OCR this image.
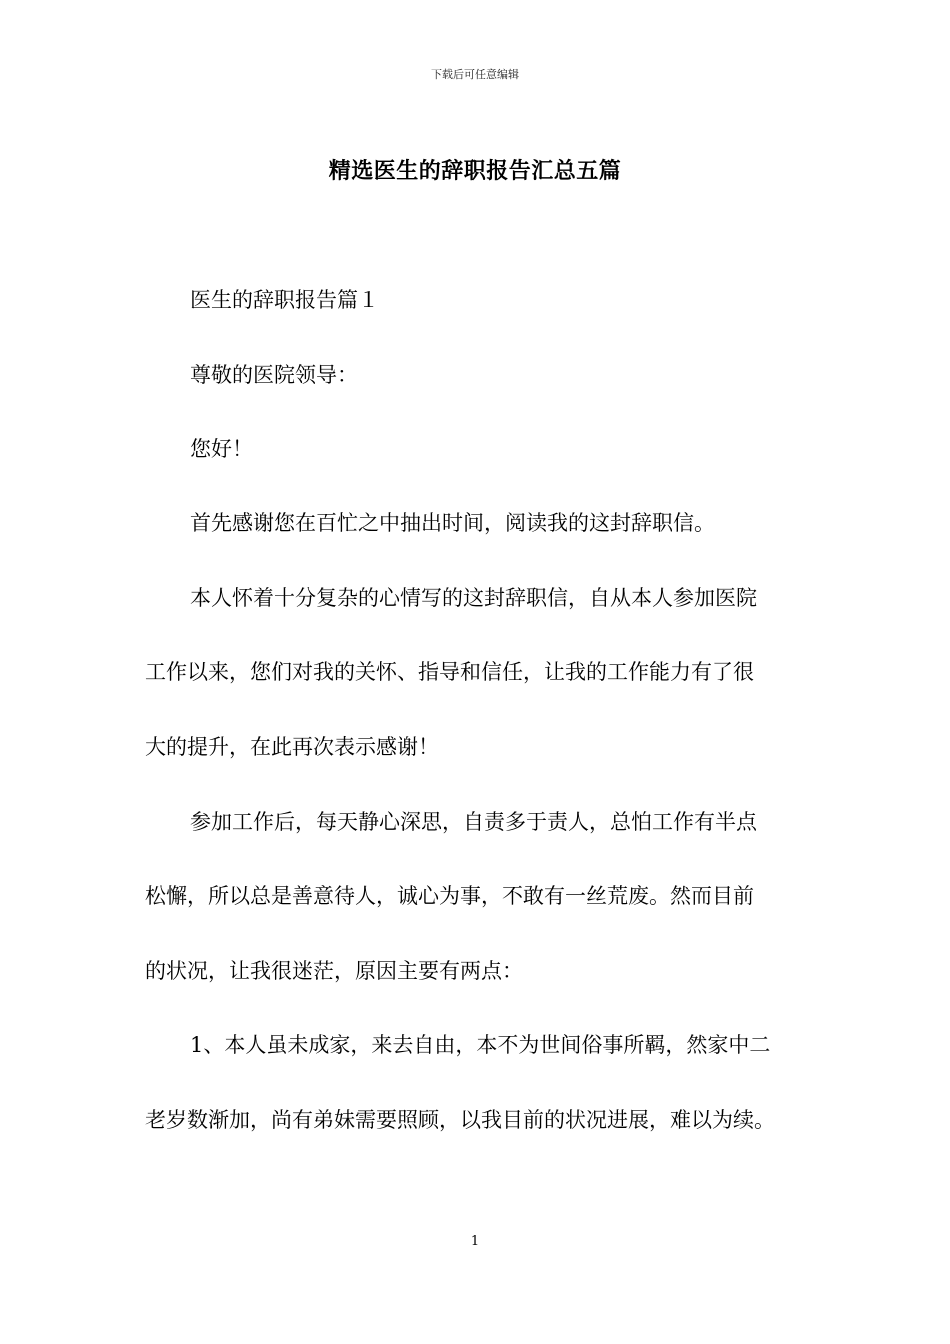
下载后可任意编辑
精选医生的辞职报告汇总五篇
医生的辞职报告篇１
尊敬的医院领导：
您好！
首先感谢您在百忙之中抽出时间，阅读我的这封辞职信。
本人怀着十分复杂的心情写的这封辞职信，自从本人参加医院
工作以来，您们对我的关怀、指导和信任，让我的工作能力有了很
大的提升，在此再次表示感谢！
参加工作后，每天静心深思，自责多于责人，总怕工作有半点
松懈，所以总是善意待人，诚心为事，不敢有一丝荒废。然而目前
的状况，让我很迷茫，原因主要有两点：
1、本人虽未成家，来去自由，本不为世间俗事所羁，然家中二
老岁数渐加，尚有弟妹需要照顾，以我目前的状况进展，难以为续。
1
